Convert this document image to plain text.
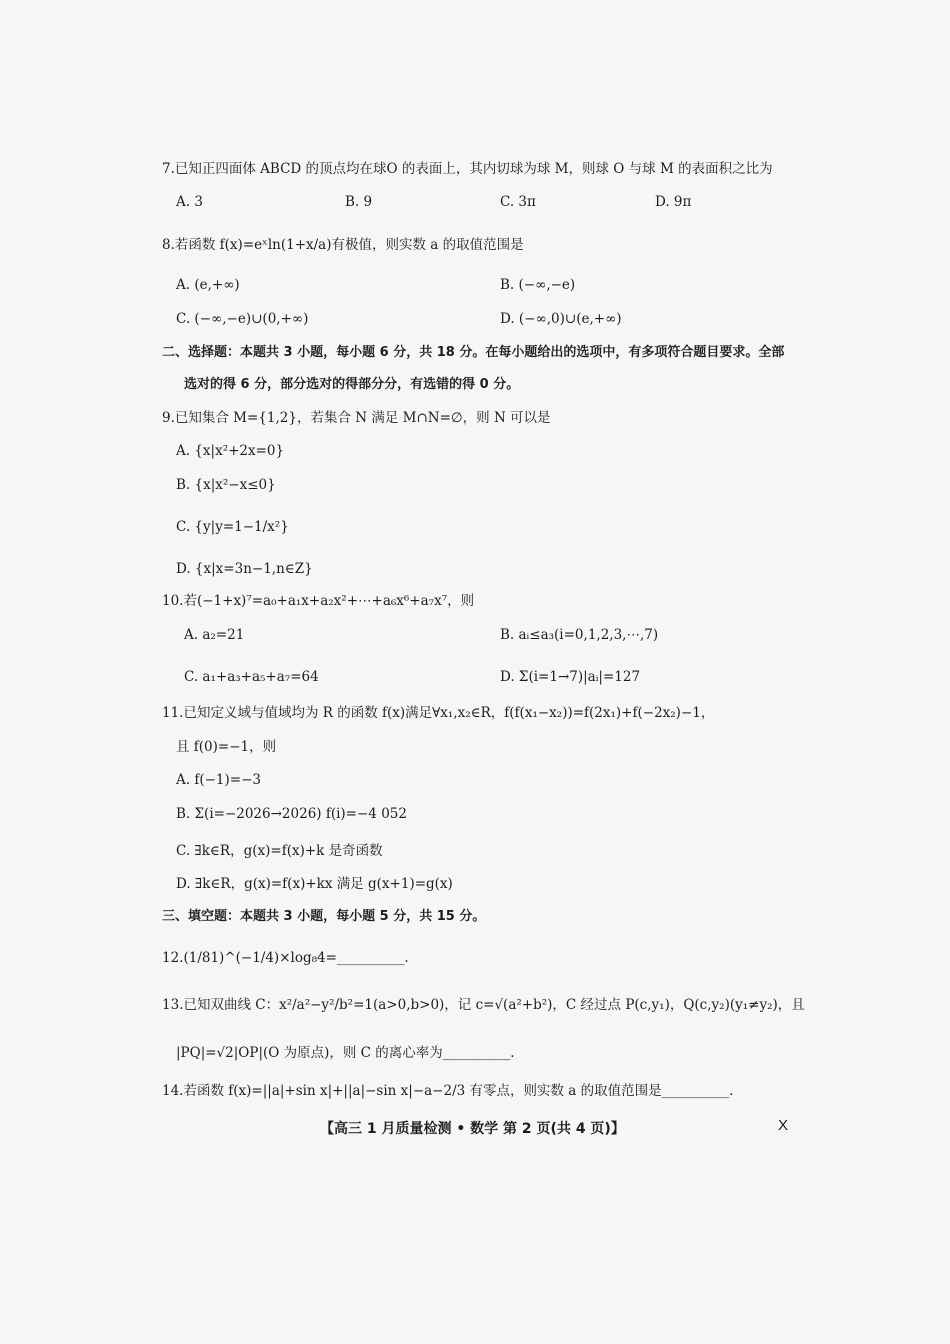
7.已知正四面体 ABCD 的顶点均在球O 的表面上，其内切球为球 M，则球 O 与球 M 的表面积之比为
A. 3	B. 9	C. 3π	D. 9π
8.若函数 f(x)=eˣln(1+x/a)有极值，则实数 a 的取值范围是
A. (e,+∞)	B. (−∞,−e)
C. (−∞,−e)∪(0,+∞)	D. (−∞,0)∪(e,+∞)
二、选择题：本题共 3 小题，每小题 6 分，共 18 分。在每小题给出的选项中，有多项符合题目要求。全部
选对的得 6 分，部分选对的得部分分，有选错的得 0 分。
9.已知集合 M={1,2}，若集合 N 满足 M∩N=∅，则 N 可以是
A. {x|x²+2x=0}
B. {x|x²−x≤0}
C. {y|y=1−1/x²}
D. {x|x=3n−1,n∈Z}
10.若(−1+x)⁷=a₀+a₁x+a₂x²+⋯+a₆x⁶+a₇x⁷，则
A. a₂=21	B. aᵢ≤a₃(i=0,1,2,3,⋯,7)
C. a₁+a₃+a₅+a₇=64	D. Σ(i=1→7)|aᵢ|=127
11.已知定义域与值域均为 R 的函数 f(x)满足∀x₁,x₂∈R，f(f(x₁−x₂))=f(2x₁)+f(−2x₂)−1，
且 f(0)=−1，则
A. f(−1)=−3
B. Σ(i=−2026→2026) f(i)=−4 052
C. ∃k∈R，g(x)=f(x)+k 是奇函数
D. ∃k∈R，g(x)=f(x)+kx 满足 g(x+1)=g(x)
三、填空题：本题共 3 小题，每小题 5 分，共 15 分。
12.(1/81)^(−1/4)×log₈4=__________.
13.已知双曲线 C：x²/a²−y²/b²=1(a>0,b>0)，记 c=√(a²+b²)，C 经过点 P(c,y₁)，Q(c,y₂)(y₁≠y₂)，且
|PQ|=√2|OP|(O 为原点)，则 C 的离心率为__________.
14.若函数 f(x)=||a|+sin x|+||a|−sin x|−a−2/3 有零点，则实数 a 的取值范围是__________.
【高三 1 月质量检测 • 数学 第 2 页(共 4 页)】	X
